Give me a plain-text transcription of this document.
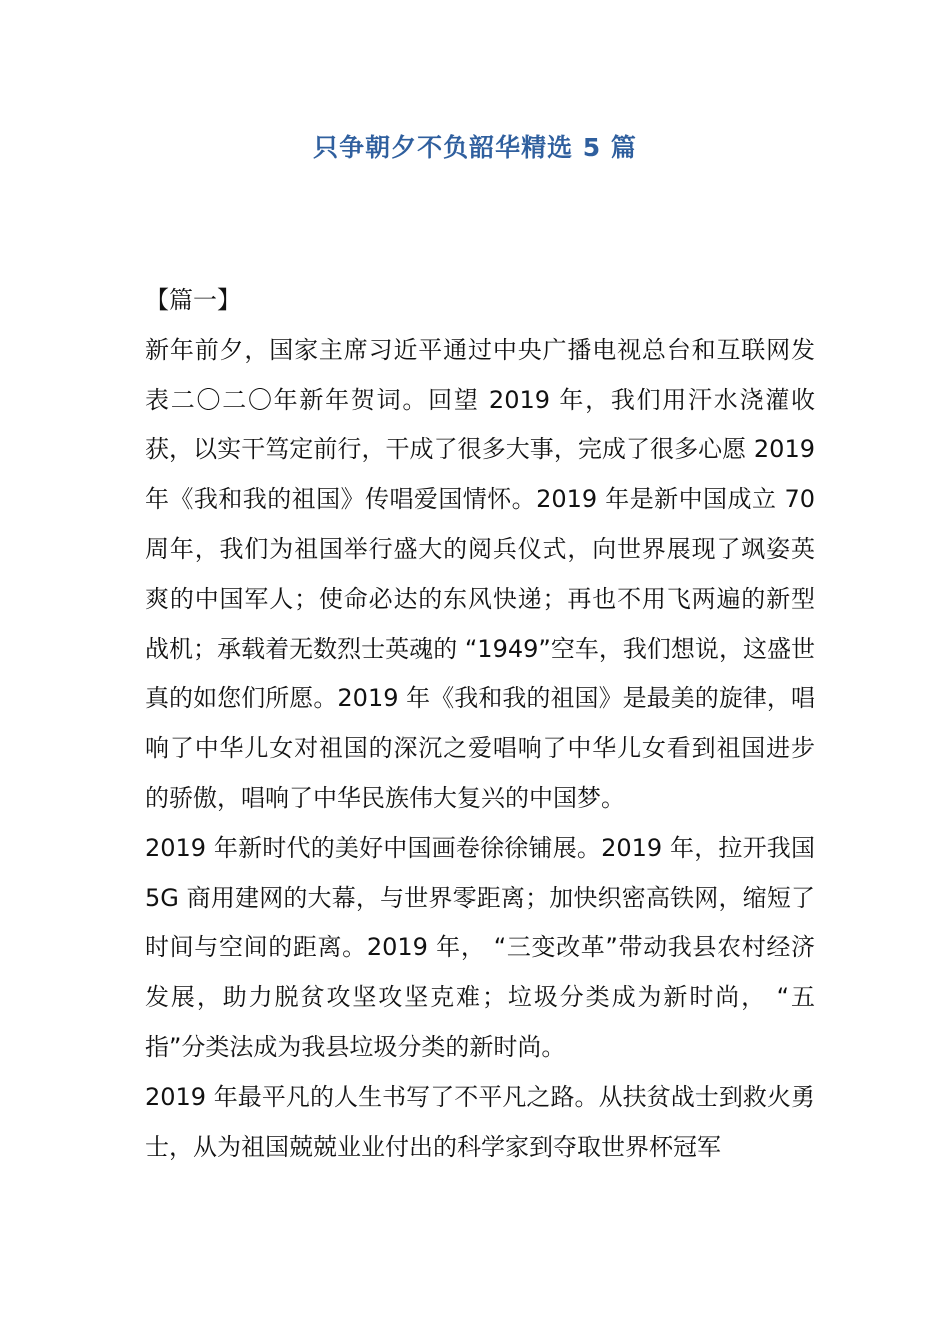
只争朝夕不负韶华精选 5 篇

【篇一】

新年前夕，国家主席习近平通过中央广播电视总台和互联网发表二〇二〇年新年贺词。回望 2019 年，我们用汗水浇灌收获，以实干笃定前行，干成了很多大事，完成了很多心愿 2019 年《我和我的祖国》传唱爱国情怀。2019 年是新中国成立 70 周年，我们为祖国举行盛大的阅兵仪式，向世界展现了飒姿英爽的中国军人；使命必达的东风快递；再也不用飞两遍的新型战机；承载着无数烈士英魂的 “1949”空车，我们想说，这盛世真的如您们所愿。2019 年《我和我的祖国》是最美的旋律，唱响了中华儿女对祖国的深沉之爱唱响了中华儿女看到祖国进步的骄傲，唱响了中华民族伟大复兴的中国梦。

2019 年新时代的美好中国画卷徐徐铺展。2019 年，拉开我国 5G 商用建网的大幕，与世界零距离；加快织密高铁网，缩短了时间与空间的距离。2019 年， “三变改革”带动我县农村经济发展，助力脱贫攻坚攻坚克难；垃圾分类成为新时尚， “五指”分类法成为我县垃圾分类的新时尚。

2019 年最平凡的人生书写了不平凡之路。从扶贫战士到救火勇士，从为祖国兢兢业业付出的科学家到夺取世界杯冠军
